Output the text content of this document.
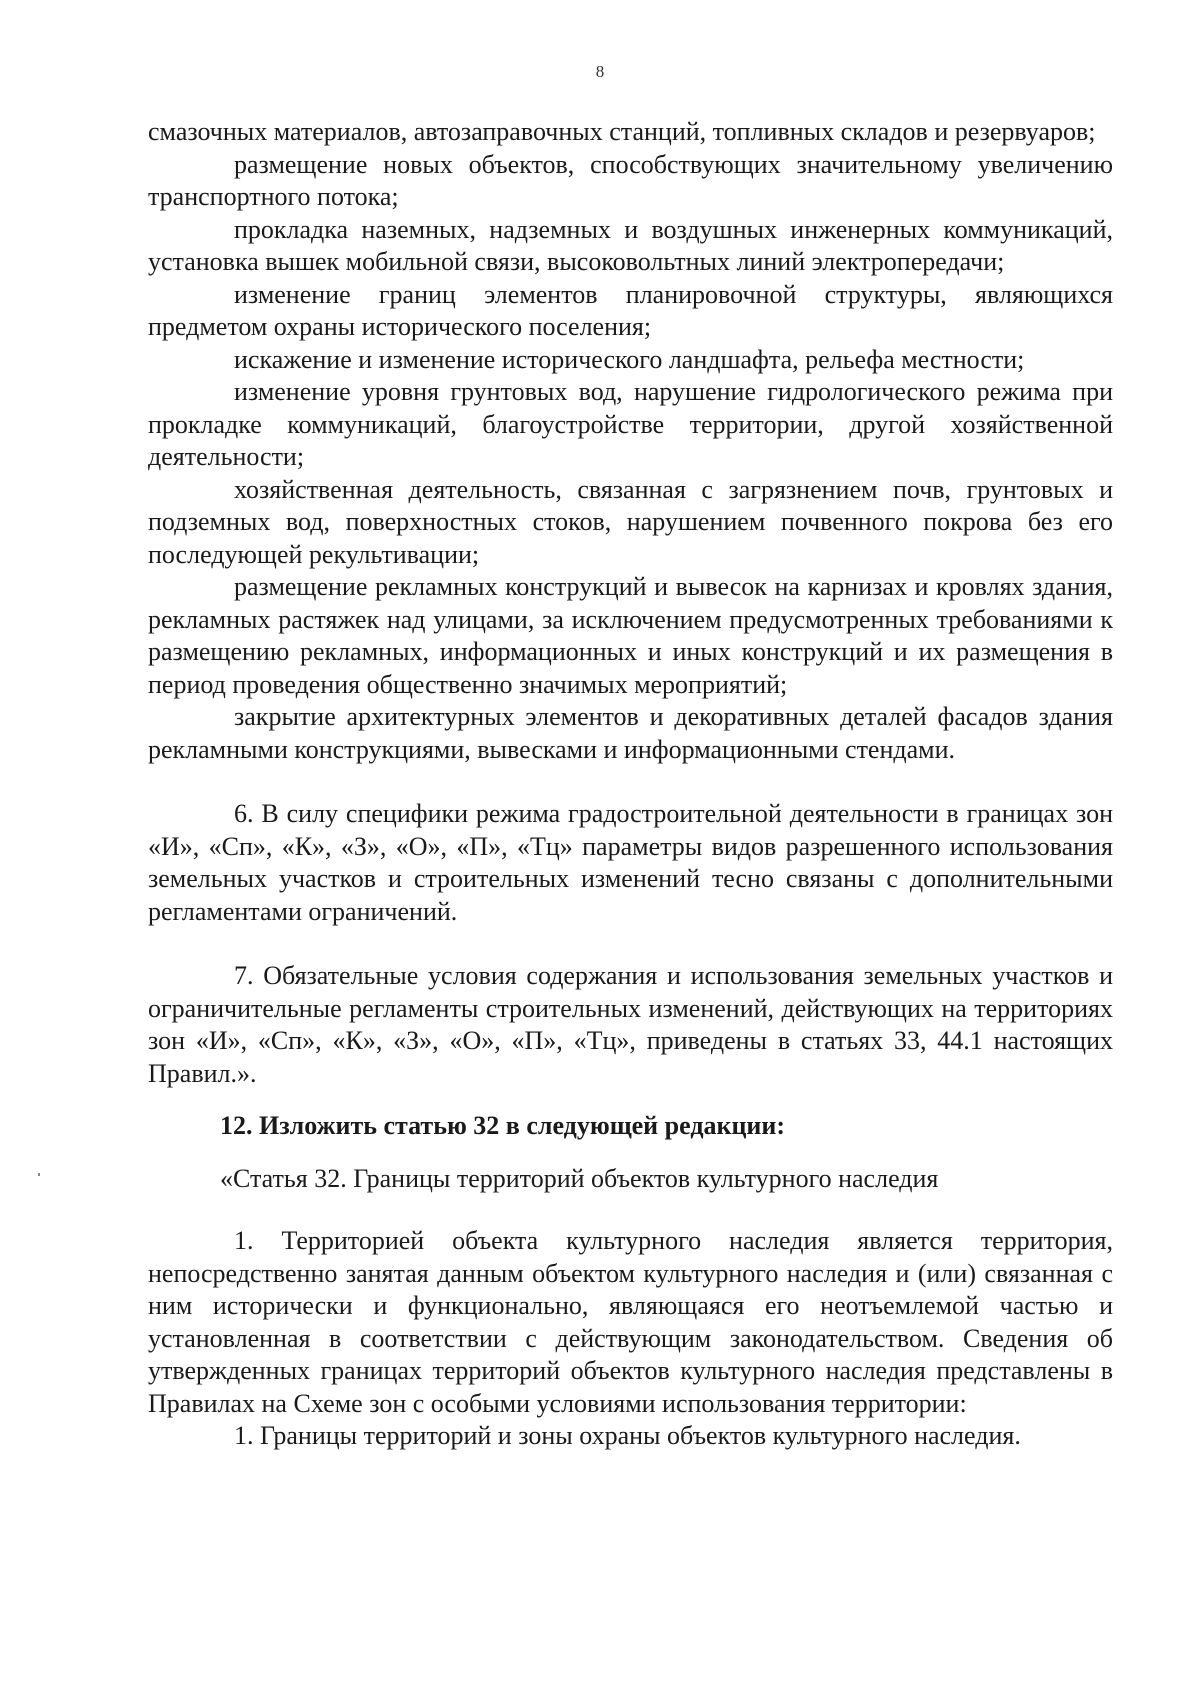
8

смазочных материалов, автозаправочных станций, топливных складов и резервуаров;

размещение новых объектов, способствующих значительному увеличению транспортного потока;

прокладка наземных, надземных и воздушных инженерных коммуникаций, установка вышек мобильной связи, высоковольтных линий электропередачи;

изменение границ элементов планировочной структуры, являющихся предметом охраны исторического поселения;

искажение и изменение исторического ландшафта, рельефа местности;

изменение уровня грунтовых вод, нарушение гидрологического режима при прокладке коммуникаций, благоустройстве территории, другой хозяйственной деятельности;

хозяйственная деятельность, связанная с загрязнением почв, грунтовых и подземных вод, поверхностных стоков, нарушением почвенного покрова без его последующей рекультивации;

размещение рекламных конструкций и вывесок на карнизах и кровлях здания, рекламных растяжек над улицами, за исключением предусмотренных требованиями к размещению рекламных, информационных и иных конструкций и их размещения в период проведения общественно значимых мероприятий;

закрытие архитектурных элементов и декоративных деталей фасадов здания рекламными конструкциями, вывесками и информационными стендами.

6. В силу специфики режима градостроительной деятельности в границах зон «И», «Сп», «К», «З», «О», «П», «Тц» параметры видов разрешенного использования земельных участков и строительных изменений тесно связаны с дополнительными регламентами ограничений.

7. Обязательные условия содержания и использования земельных участков и ограничительные регламенты строительных изменений, действующих на территориях зон «И», «Сп», «К», «З», «О», «П», «Тц», приведены в статьях 33, 44.1 настоящих Правил.».

12. Изложить статью 32 в следующей редакции:

«Статья 32. Границы территорий объектов культурного наследия

1. Территорией объекта культурного наследия является территория, непосредственно занятая данным объектом культурного наследия и (или) связанная с ним исторически и функционально, являющаяся его неотъемлемой частью и установленная в соответствии с действующим законодательством. Сведения об утвержденных границах территорий объектов культурного наследия представлены в Правилах на Схеме зон с особыми условиями использования территории:

1. Границы территорий и зоны охраны объектов культурного наследия.
